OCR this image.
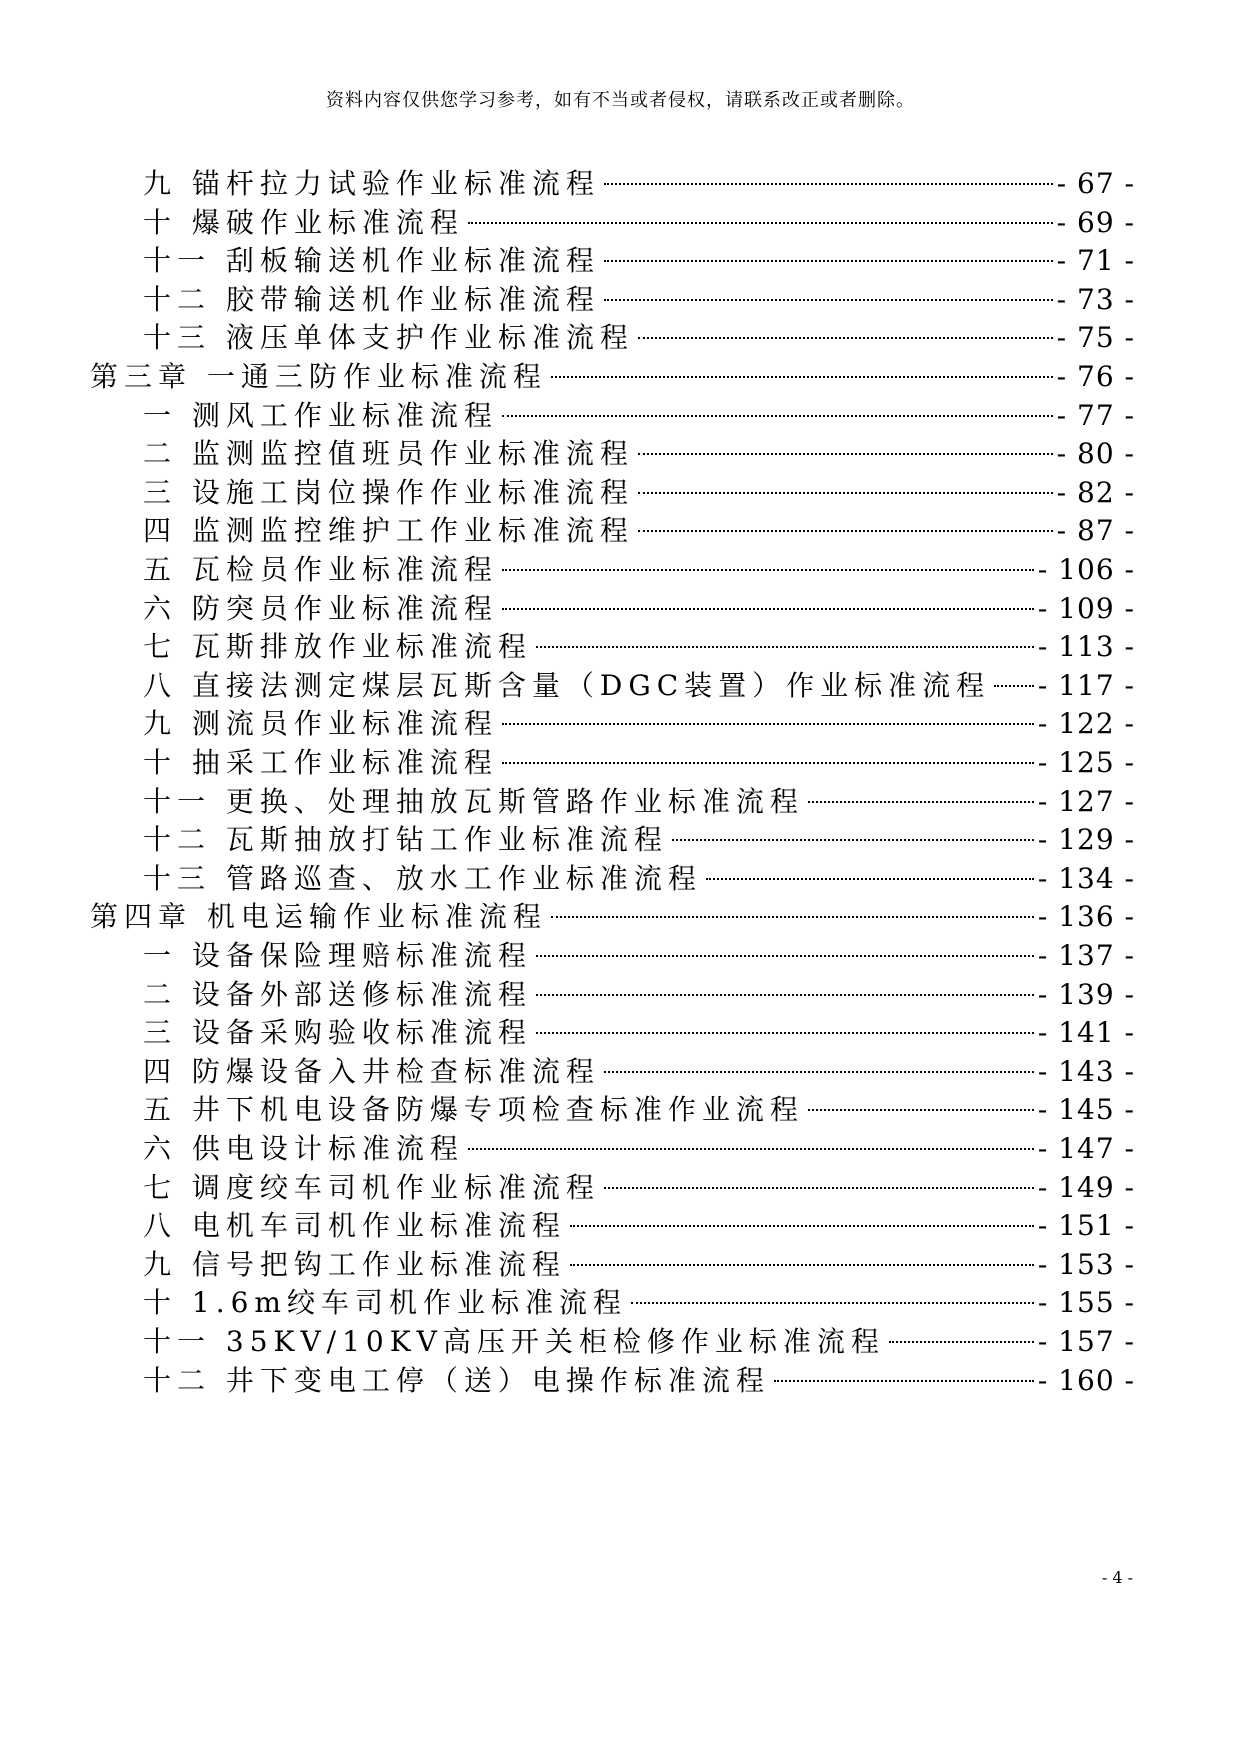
资料内容仅供您学习参考，如有不当或者侵权，请联系改正或者删除。
九 锚杆拉力试验作业标准流程	- 67 -
十 爆破作业标准流程	- 69 -
十一 刮板输送机作业标准流程	- 71 -
十二 胶带输送机作业标准流程	- 73 -
十三 液压单体支护作业标准流程	- 75 -
第三章 一通三防作业标准流程	- 76 -
一 测风工作业标准流程	- 77 -
二 监测监控值班员作业标准流程	- 80 -
三 设施工岗位操作作业标准流程	- 82 -
四 监测监控维护工作业标准流程	- 87 -
五 瓦检员作业标准流程	- 106 -
六 防突员作业标准流程	- 109 -
七 瓦斯排放作业标准流程	- 113 -
八 直接法测定煤层瓦斯含量（DGC装置）作业标准流程 - 117 -
九 测流员作业标准流程	- 122 -
十 抽采工作业标准流程	- 125 -
十一 更换、处理抽放瓦斯管路作业标准流程	- 127 -
十二 瓦斯抽放打钻工作业标准流程	- 129 -
十三 管路巡查、放水工作业标准流程	- 134 -
第四章 机电运输作业标准流程	- 136 -
一 设备保险理赔标准流程	- 137 -
二 设备外部送修标准流程	- 139 -
三 设备采购验收标准流程	- 141 -
四 防爆设备入井检查标准流程	- 143 -
五 井下机电设备防爆专项检查标准作业流程	- 145 -
六 供电设计标准流程	- 147 -
七 调度绞车司机作业标准流程	- 149 -
八 电机车司机作业标准流程	- 151 -
九 信号把钩工作业标准流程	- 153 -
十 1.6m绞车司机作业标准流程	- 155 -
十一 35KV/10KV高压开关柜检修作业标准流程	- 157 -
十二 井下变电工停（送）电操作标准流程	- 160 -
- 4 -
